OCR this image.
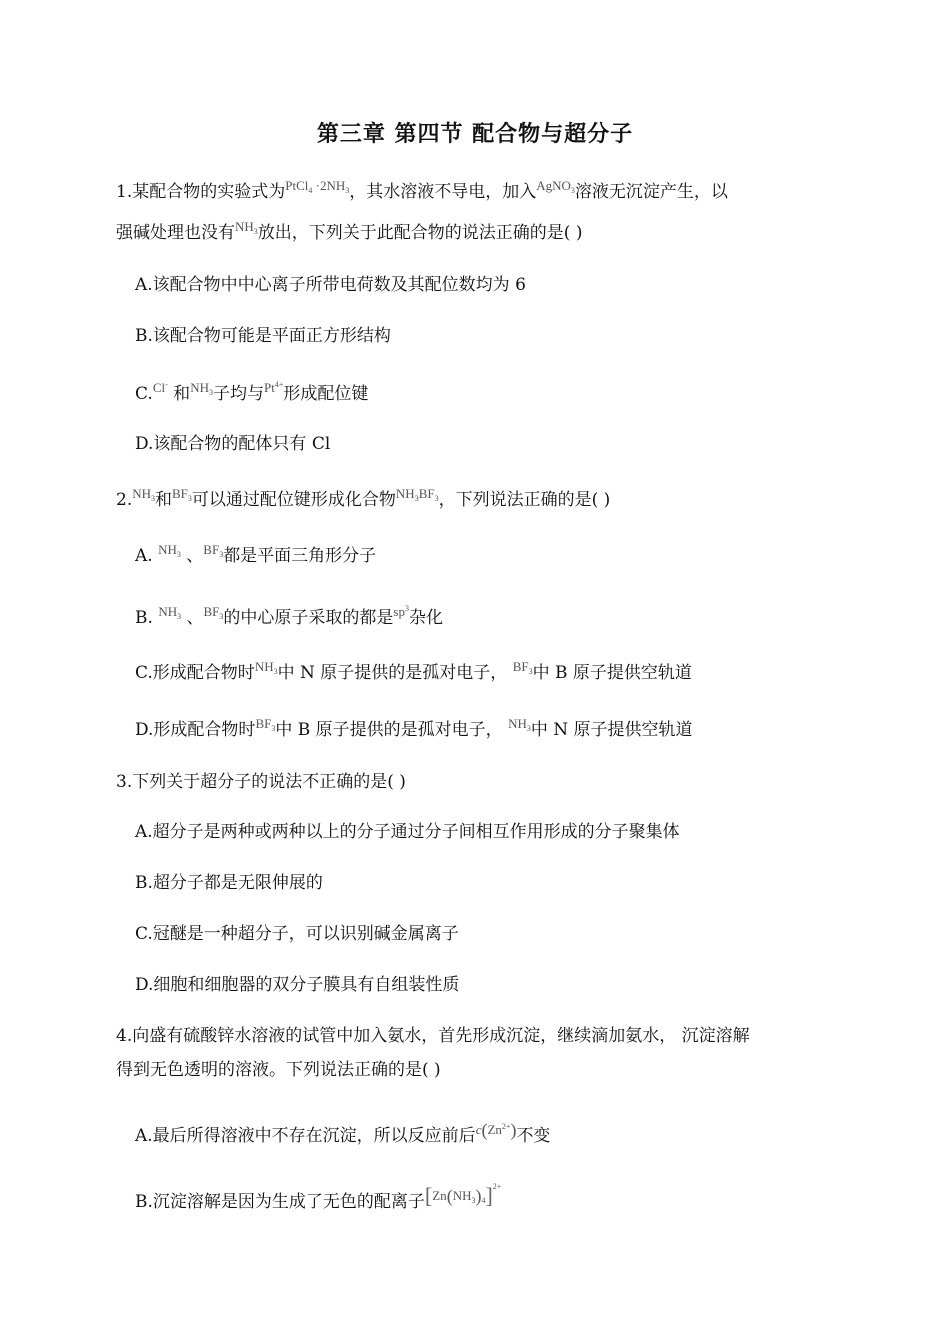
第三章 第四节 配合物与超分子
1.某配合物的实验式为$^{PtCl_4 \cdot 2NH_3}$，其水溶液不导电，加入$^{AgNO_3}$溶液无沉淀产生，以
强碱处理也没有$^{NH_3}$放出，下列关于此配合物的说法正确的是( )
A.该配合物中中心离子所带电荷数及其配位数均为 6
B.该配合物可能是平面正方形结构
C.$^{Cl^-}$ 和$^{NH_3}$子均与$^{Pt^{4+}}$形成配位键
D.该配合物的配体只有 Cl
2.$^{NH_3}$和$^{BF_3}$可以通过配位键形成化合物$^{NH_3BF_3}$，下列说法正确的是( )
A. $^{NH_3}$ 、$^{BF_3}$都是平面三角形分子
B. $^{NH_3}$ 、$^{BF_3}$的中心原子采取的都是$^{sp^3}$杂化
C.形成配合物时$^{NH_3}$中 N 原子提供的是孤对电子， $^{BF_3}$中 B 原子提供空轨道
D.形成配合物时$^{BF_3}$中 B 原子提供的是孤对电子， $^{NH_3}$中 N 原子提供空轨道
3.下列关于超分子的说法不正确的是( )
A.超分子是两种或两种以上的分子通过分子间相互作用形成的分子聚集体
B.超分子都是无限伸展的
C.冠醚是一种超分子，可以识别碱金属离子
D.细胞和细胞器的双分子膜具有自组装性质
4.向盛有硫酸锌水溶液的试管中加入氨水，首先形成沉淀，继续滴加氨水， 沉淀溶解
得到无色透明的溶液。下列说法正确的是( )
A.最后所得溶液中不存在沉淀，所以反应前后$^{c(Zn^{2+})}$不变
B.沉淀溶解是因为生成了无色的配离子$^{[Zn(NH_3)_4]^{2+}}$
